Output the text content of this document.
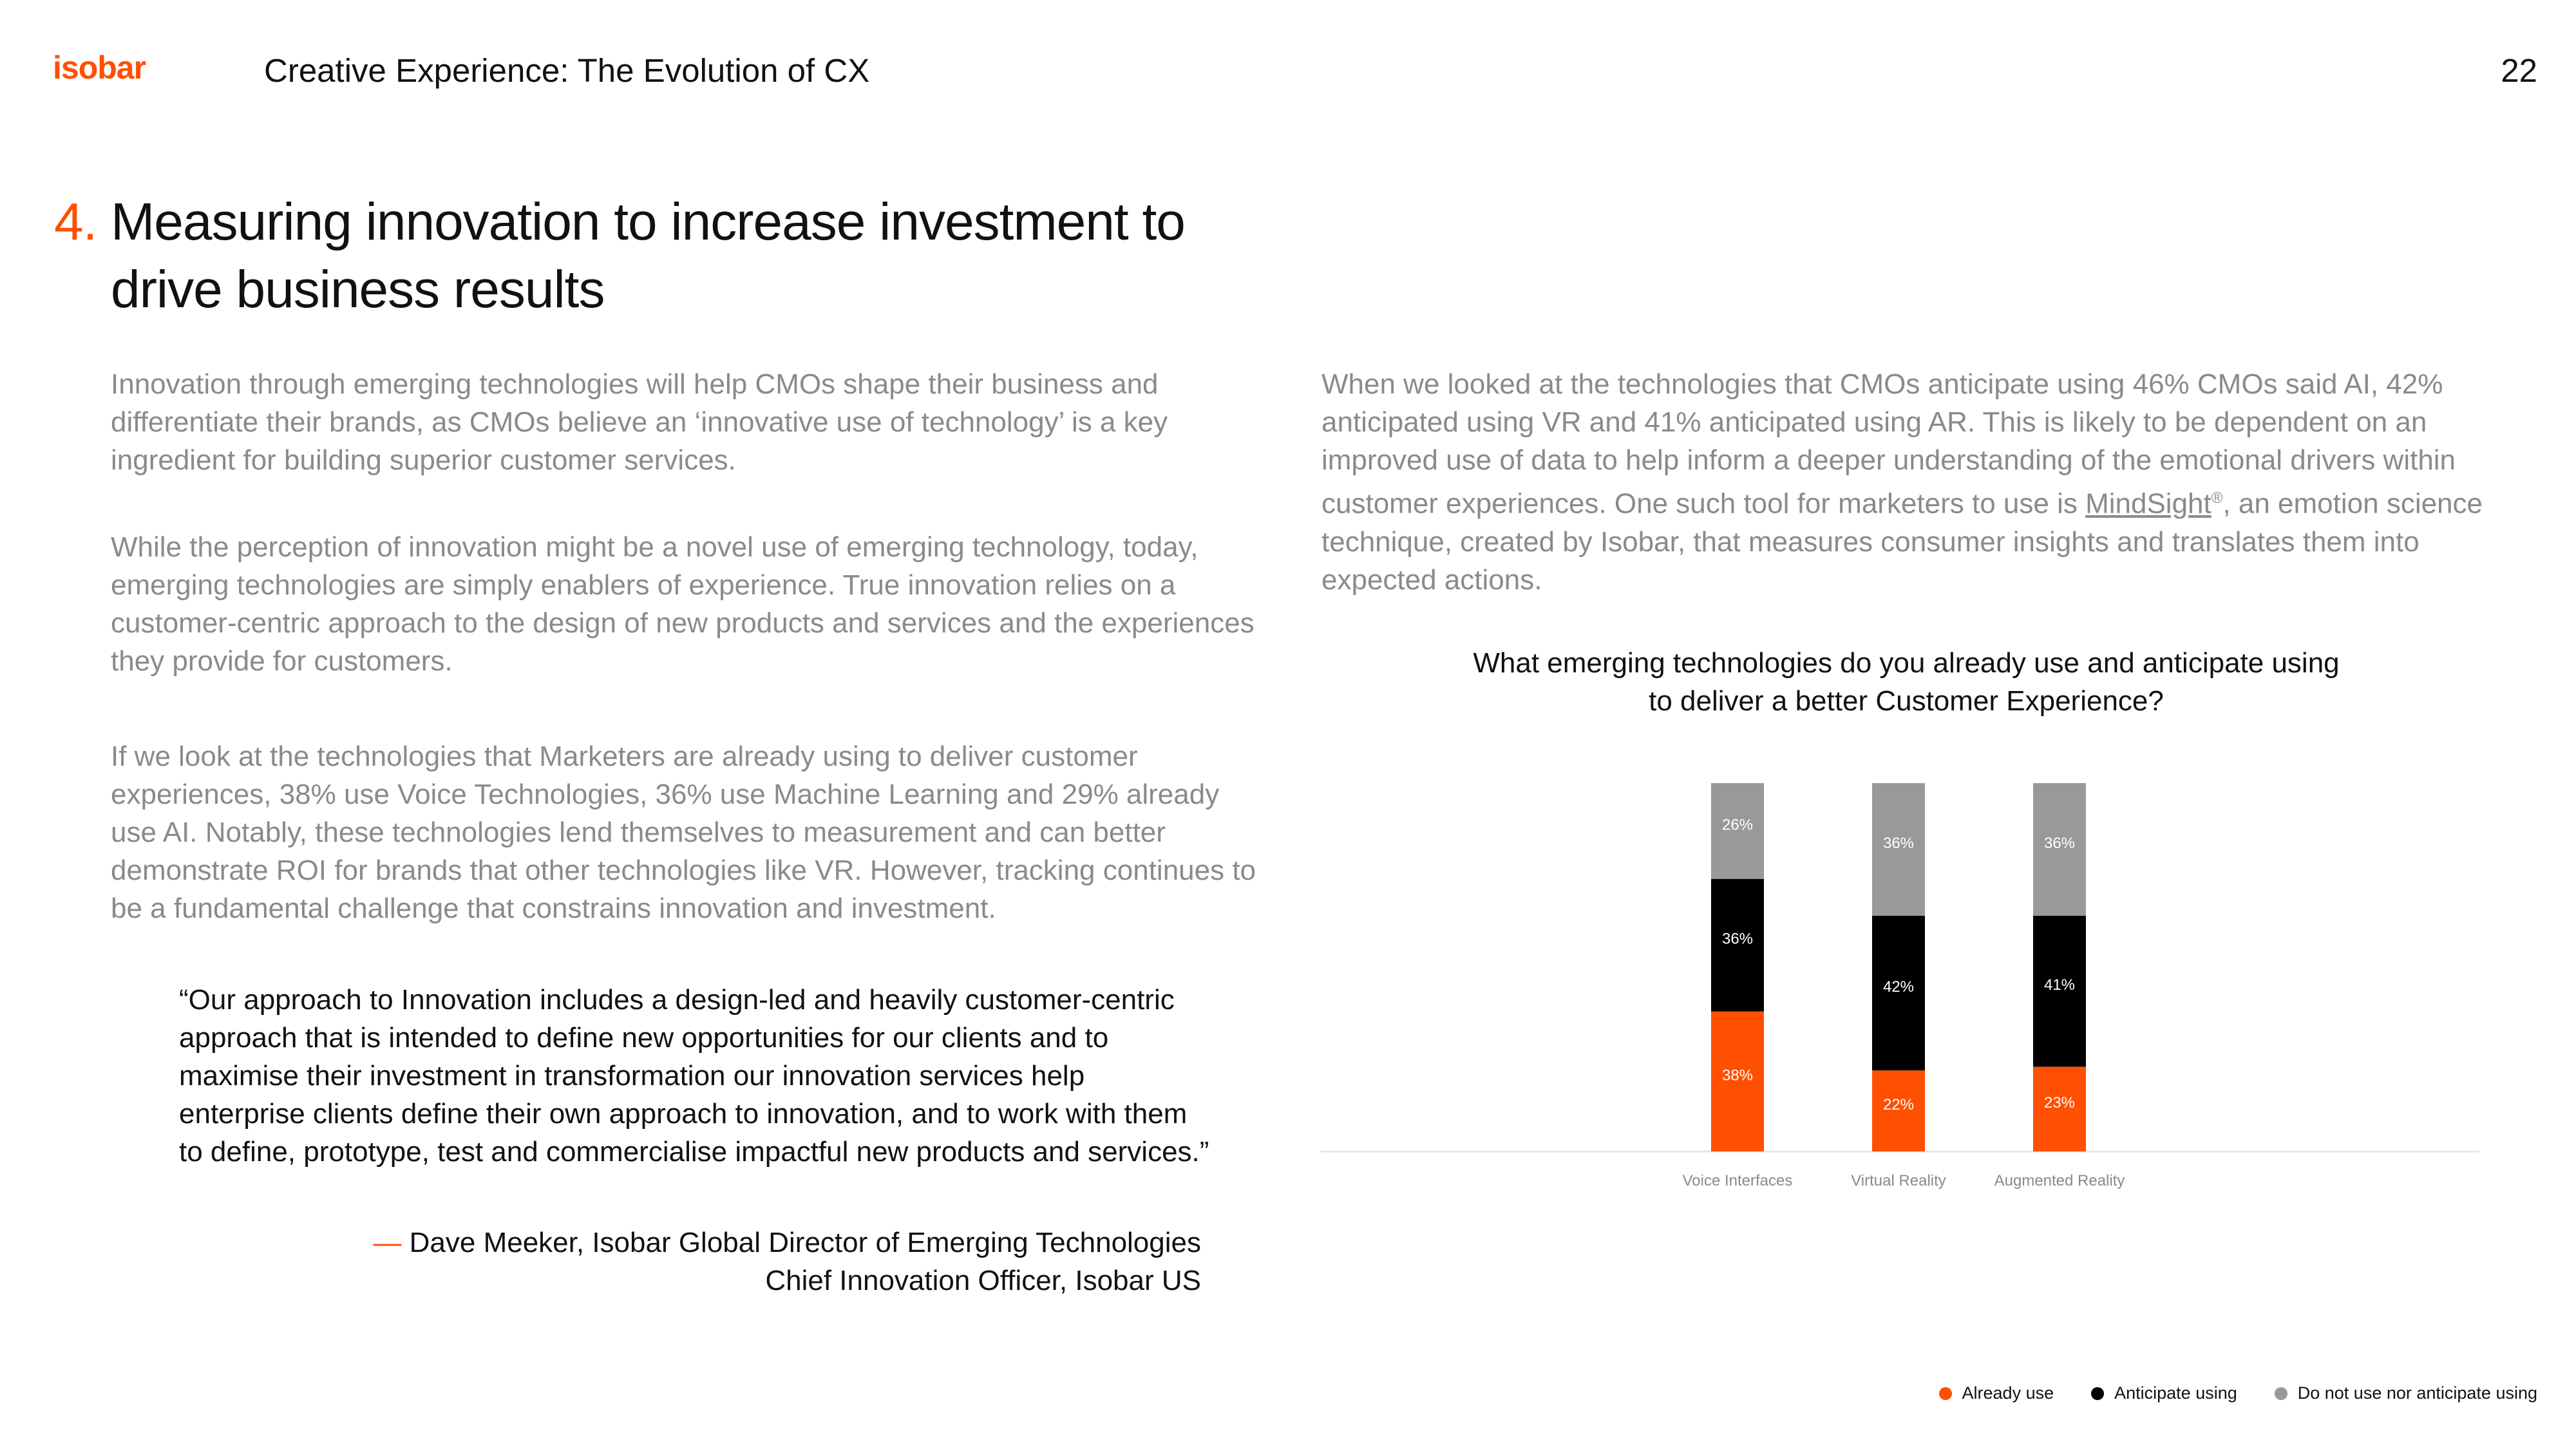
isobar	Creative Experience: The Evolution of CX	22
4. Measuring innovation to increase investment to
drive business results
Innovation through emerging technologies will help CMOs shape their business and differentiate their brands, as CMOs believe an ‘innovative use of technology’ is a key ingredient for building superior customer services.
While the perception of innovation might be a novel use of emerging technology, today, emerging technologies are simply enablers of experience. True innovation relies on a customer-centric approach to the design of new products and services and the experiences they provide for customers.
If we look at the technologies that Marketers are already using to deliver customer experiences, 38% use Voice Technologies, 36% use Machine Learning and 29% already use AI. Notably, these technologies lend themselves to measurement and can better demonstrate ROI for brands that other technologies like VR. However, tracking continues to be a fundamental challenge that constrains innovation and investment.
“Our approach to Innovation includes a design-led and heavily customer-centric approach that is intended to define new opportunities for our clients and to maximise their investment in transformation our innovation services help enterprise clients define their own approach to innovation, and to work with them to define, prototype, test and commercialise impactful new products and services.”
— Dave Meeker, Isobar Global Director of Emerging Technologies
Chief Innovation Officer, Isobar US
When we looked at the technologies that CMOs anticipate using 46% CMOs said AI, 42% anticipated using VR and 41% anticipated using AR. This is likely to be dependent on an improved use of data to help inform a deeper understanding of the emotional drivers within customer experiences. One such tool for marketers to use is MindSight®, an emotion science technique, created by Isobar, that measures consumer insights and translates them into expected actions.
What emerging technologies do you already use and anticipate using to deliver a better Customer Experience?
38%
36%
26%
Voice Interfaces
22%
42%
36%
Virtual Reality
23%
41%
36%
Augmented Reality
Already use	Anticipate using	Do not use nor anticipate using
